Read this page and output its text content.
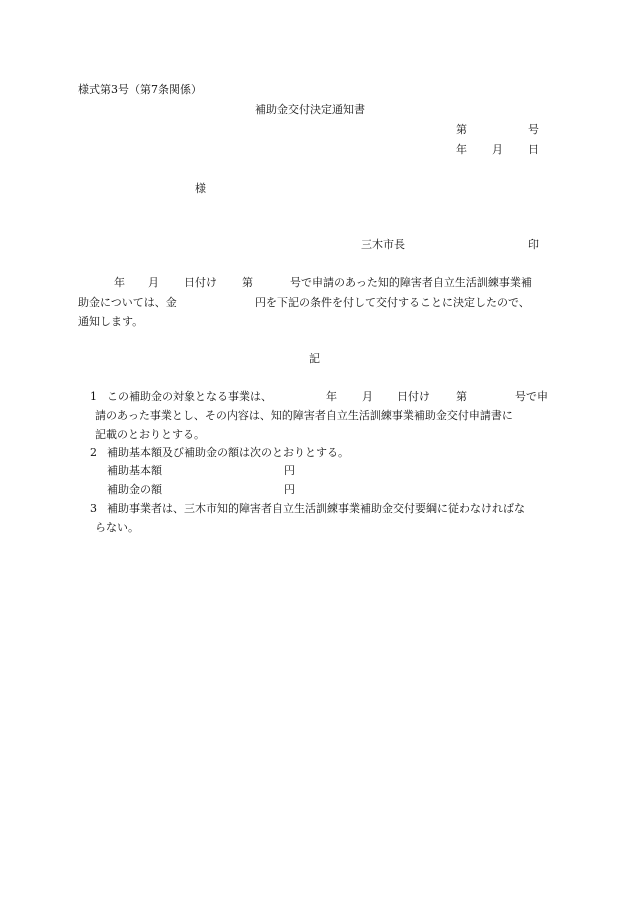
様式第3号（第7条関係）
補助金交付決定通知書
第	号
年 月 日
様
三木市長	印
年 月 日付け 第	号で申請のあった知的障害者自立生活訓練事業補
助金については、金	円を下記の条件を付して交付することに決定したので、
通知します。
記
1 この補助金の対象となる事業は、	年 月 日付け 第	号で申
請のあった事業とし、その内容は、知的障害者自立生活訓練事業補助金交付申請書に
記載のとおりとする。
2 補助基本額及び補助金の額は次のとおりとする。
補助基本額	円
補助金の額	円
3 補助事業者は、三木市知的障害者自立生活訓練事業補助金交付要綱に従わなければな
らない。
